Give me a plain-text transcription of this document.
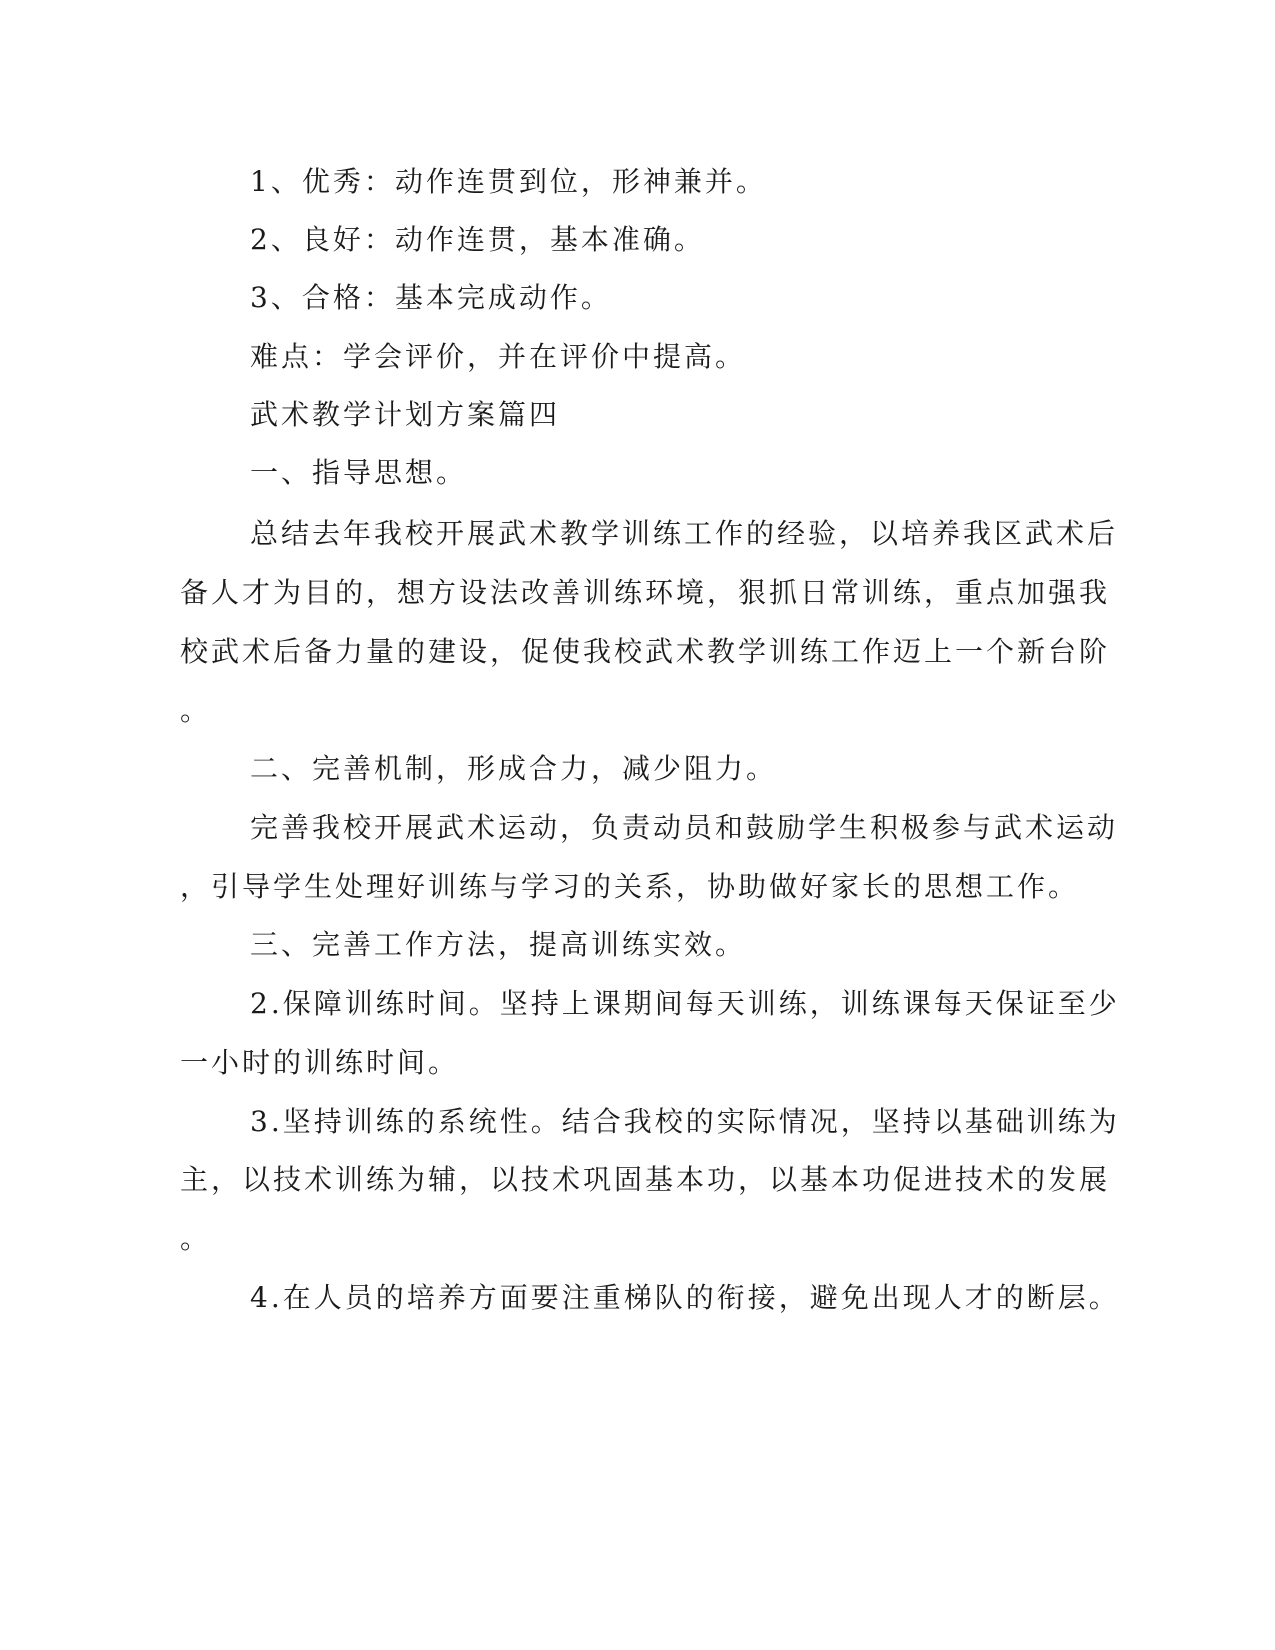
1、优秀：动作连贯到位，形神兼并。
2、良好：动作连贯，基本准确。
3、合格：基本完成动作。
难点：学会评价，并在评价中提高。
武术教学计划方案篇四
一、指导思想。
总结去年我校开展武术教学训练工作的经验，以培养我区武术后
备人才为目的，想方设法改善训练环境，狠抓日常训练，重点加强我
校武术后备力量的建设，促使我校武术教学训练工作迈上一个新台阶
。
二、完善机制，形成合力，减少阻力。
完善我校开展武术运动，负责动员和鼓励学生积极参与武术运动
，引导学生处理好训练与学习的关系，协助做好家长的思想工作。
三、完善工作方法，提高训练实效。
2.保障训练时间。坚持上课期间每天训练，训练课每天保证至少
一小时的训练时间。
3.坚持训练的系统性。结合我校的实际情况，坚持以基础训练为
主，以技术训练为辅，以技术巩固基本功，以基本功促进技术的发展
。
4.在人员的培养方面要注重梯队的衔接，避免出现人才的断层。
